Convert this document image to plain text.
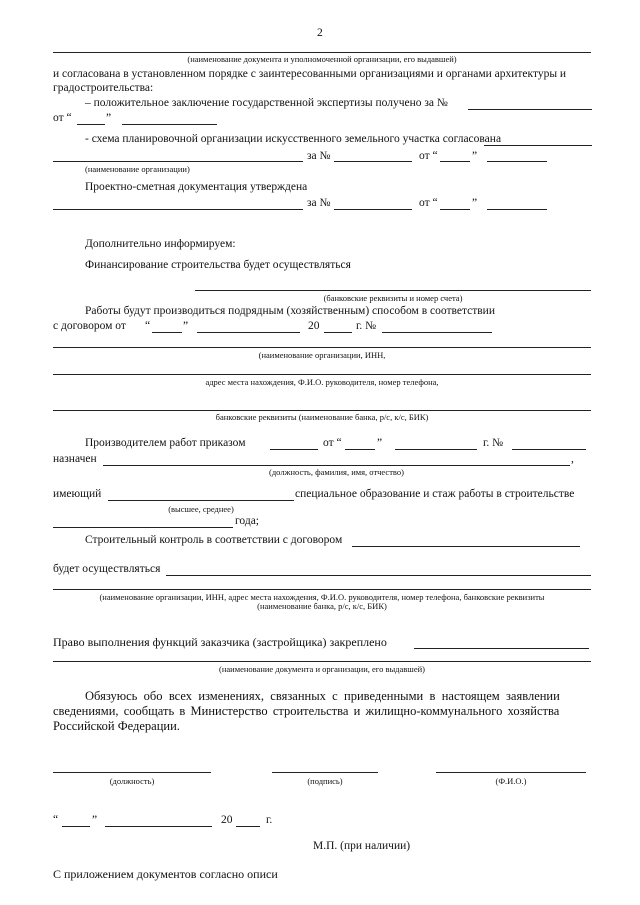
2
(наименование документа и уполномоченной организации, его выдавшей)
и согласована в установленном порядке с заинтересованными организациями и органами архитектуры и
градостроительства:
– положительное заключение государственной экспертизы получено за №
от “	”
- схема планировочной организации искусственного земельного участка согласована
за №	от “	”
(наименование организации)
Проектно-сметная документация утверждена
за №	от “	”
Дополнительно информируем:
Финансирование строительства будет осуществляться
(банковские реквизиты и номер счета)
Работы будут производиться подрядным (хозяйственным) способом в соответствии
с договором от “	”	20	г. №
(наименование организации, ИНН,
адрес места нахождения, Ф.И.О. руководителя, номер телефона,
банковские реквизиты (наименование банка, р/с, к/с, БИК)
Производителем работ приказом	от “	”	г. №
назначен	,
(должность, фамилия, имя, отчество)
имеющий	специальное образование и стаж работы в строительстве
(высшее, среднее)
года;
Строительный контроль в соответствии с договором
будет осуществляться
(наименование организации, ИНН, адрес места нахождения, Ф.И.О. руководителя, номер телефона, банковские реквизиты
(наименование банка, р/с, к/с, БИК)
Право выполнения функций заказчика (застройщика) закреплено
(наименование документа и организации, его выдавшей)
Обязуюсь обо всех изменениях, связанных с приведенными в настоящем заявлении
сведениями, сообщать в Министерство строительства и жилищно-коммунального хозяйства
Российской Федерации.
(должность)	(подпись)	(Ф.И.О.)
“	”	20	г.
М.П. (при наличии)
С приложением документов согласно описи
